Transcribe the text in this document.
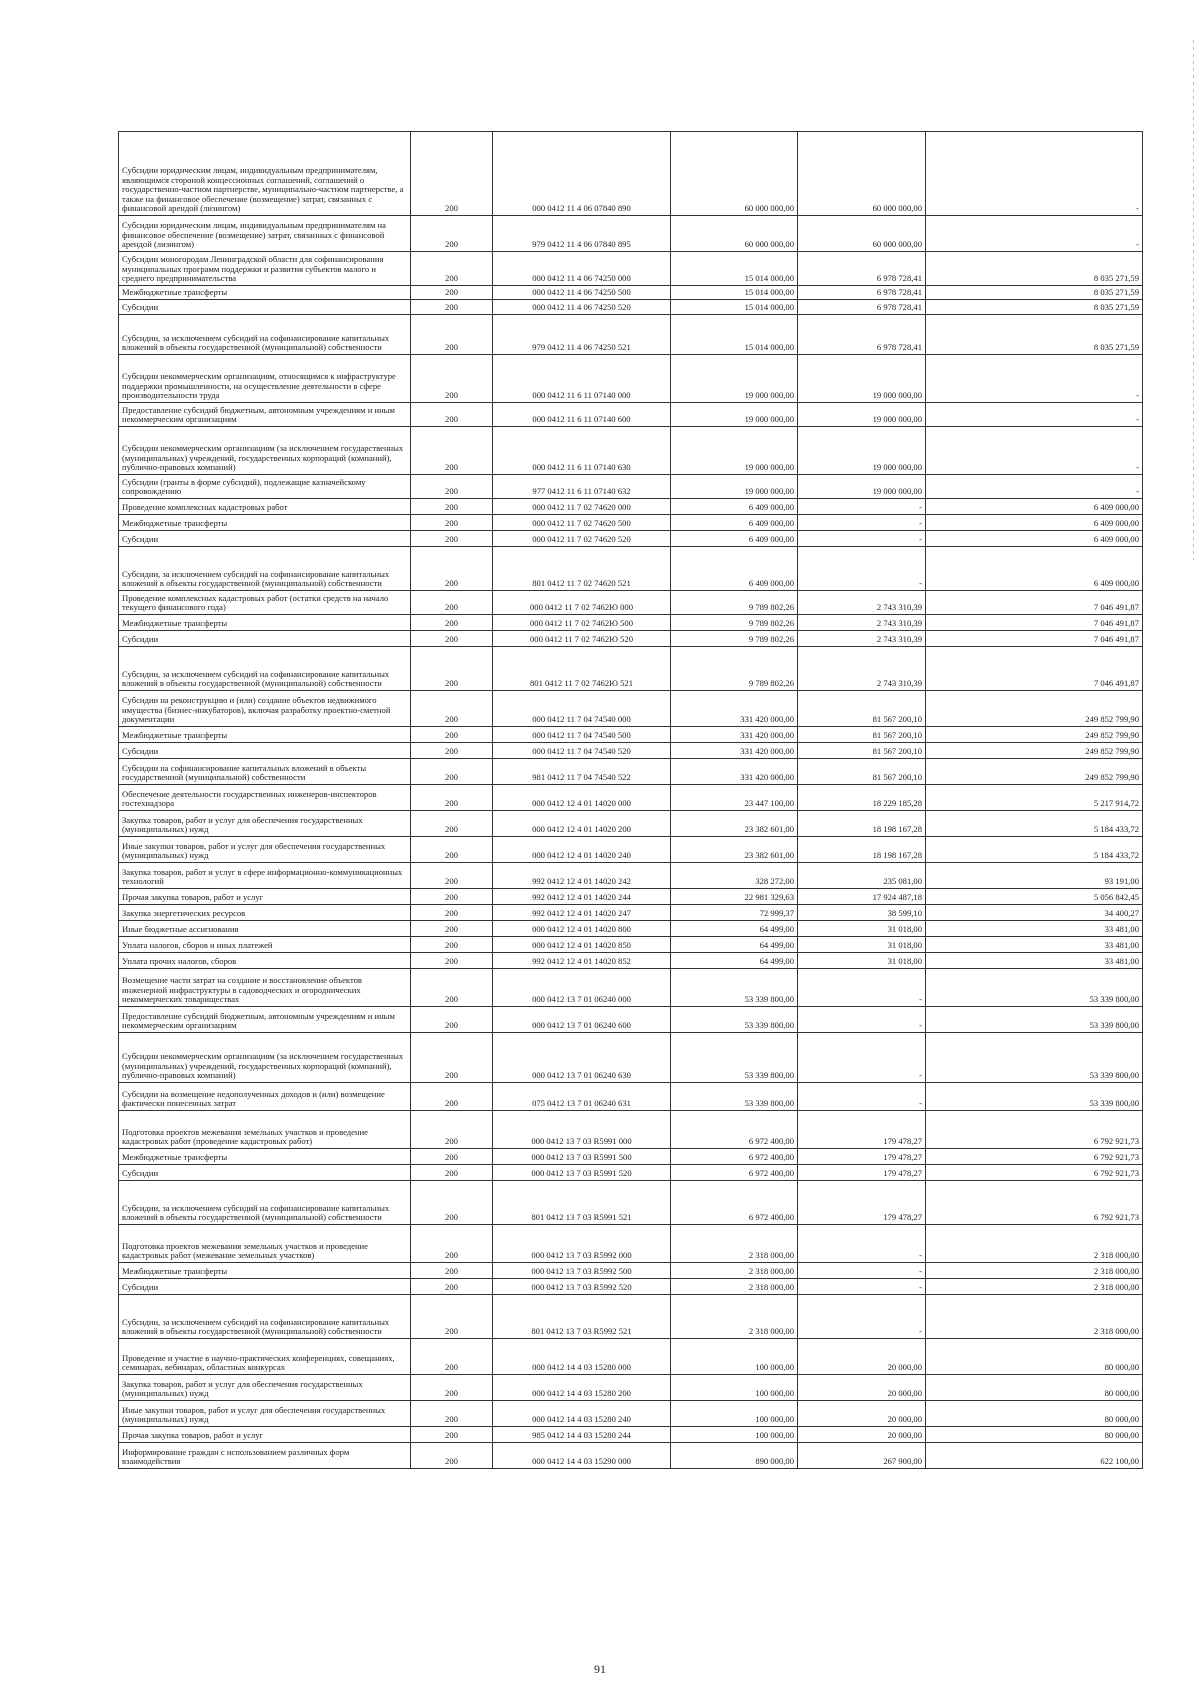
Субсидии юридическим лицам, индивидуальным предпринимателям, являющимся стороной концессионных соглашений, соглашений о государственно-частном партнерстве, муниципально-частном партнерстве, а также на финансовое обеспечение (возмещение) затрат, связанных с финансовой арендой (лизингом)	200	000 0412 11 4 06 07840 890	60 000 000,00	60 000 000,00	-
Субсидии юридическим лицам, индивидуальным предпринимателям на финансовое обеспечение (возмещение) затрат, связанных с финансовой арендой (лизингом)	200	979 0412 11 4 06 07840 895	60 000 000,00	60 000 000,00	-
Субсидии моногородам Ленинградской области для софинансирования муниципальных программ поддержки и развития субъектов малого и среднего предпринимательства	200	000 0412 11 4 06 74250 000	15 014 000,00	6 978 728,41	8 035 271,59
Межбюджетные трансферты	200	000 0412 11 4 06 74250 500	15 014 000,00	6 978 728,41	8 035 271,59
Субсидии	200	000 0412 11 4 06 74250 520	15 014 000,00	6 978 728,41	8 035 271,59
Субсидии, за исключением субсидий на софинансирование капитальных вложений в объекты государственной (муниципальной) собственности	200	979 0412 11 4 06 74250 521	15 014 000,00	6 978 728,41	8 035 271,59
Субсидии некоммерческим организациям, относящимся к инфраструктуре поддержки промышленности, на осуществление деятельности в сфере производительности труда	200	000 0412 11 6 11 07140 000	19 000 000,00	19 000 000,00	-
Предоставление субсидий бюджетным, автономным учреждениям и иным некоммерческим организациям	200	000 0412 11 6 11 07140 600	19 000 000,00	19 000 000,00	-
Субсидии некоммерческим организациям (за исключением государственных (муниципальных) учреждений, государственных корпораций (компаний), публично-правовых компаний)	200	000 0412 11 6 11 07140 630	19 000 000,00	19 000 000,00	-
Субсидии (гранты в форме субсидий), подлежащие казначейскому сопровождению	200	977 0412 11 6 11 07140 632	19 000 000,00	19 000 000,00	-
Проведение комплексных кадастровых работ	200	000 0412 11 7 02 74620 000	6 409 000,00	-	6 409 000,00
Межбюджетные трансферты	200	000 0412 11 7 02 74620 500	6 409 000,00	-	6 409 000,00
Субсидии	200	000 0412 11 7 02 74620 520	6 409 000,00	-	6 409 000,00
Субсидии, за исключением субсидий на софинансирование капитальных вложений в объекты государственной (муниципальной) собственности	200	801 0412 11 7 02 74620 521	6 409 000,00	-	6 409 000,00
Проведение комплексных кадастровых работ (остатки средств на начало текущего финансового года)	200	000 0412 11 7 02 7462Ю 000	9 789 802,26	2 743 310,39	7 046 491,87
Межбюджетные трансферты	200	000 0412 11 7 02 7462Ю 500	9 789 802,26	2 743 310,39	7 046 491,87
Субсидии	200	000 0412 11 7 02 7462Ю 520	9 789 802,26	2 743 310,39	7 046 491,87
Субсидии, за исключением субсидий на софинансирование капитальных вложений в объекты государственной (муниципальной) собственности	200	801 0412 11 7 02 7462Ю 521	9 789 802,26	2 743 310,39	7 046 491,87
Субсидии на реконструкцию и (или) создание объектов недвижимого имущества (бизнес-инкубаторов), включая разработку проектно-сметной документации	200	000 0412 11 7 04 74540 000	331 420 000,00	81 567 200,10	249 852 799,90
Межбюджетные трансферты	200	000 0412 11 7 04 74540 500	331 420 000,00	81 567 200,10	249 852 799,90
Субсидии	200	000 0412 11 7 04 74540 520	331 420 000,00	81 567 200,10	249 852 799,90
Субсидии на софинансирование капитальных вложений в объекты государственной (муниципальной) собственности	200	981 0412 11 7 04 74540 522	331 420 000,00	81 567 200,10	249 852 799,90
Обеспечение деятельности государственных инженеров-инспекторов гостехнадзора	200	000 0412 12 4 01 14020 000	23 447 100,00	18 229 185,28	5 217 914,72
Закупка товаров, работ и услуг для обеспечения государственных (муниципальных) нужд	200	000 0412 12 4 01 14020 200	23 382 601,00	18 198 167,28	5 184 433,72
Иные закупки товаров, работ и услуг для обеспечения государственных (муниципальных) нужд	200	000 0412 12 4 01 14020 240	23 382 601,00	18 198 167,28	5 184 433,72
Закупка товаров, работ и услуг в сфере информационно-коммуникационных технологий	200	992 0412 12 4 01 14020 242	328 272,00	235 081,00	93 191,00
Прочая закупка товаров, работ и услуг	200	992 0412 12 4 01 14020 244	22 981 329,63	17 924 487,18	5 056 842,45
Закупка энергетических ресурсов	200	992 0412 12 4 01 14020 247	72 999,37	38 599,10	34 400,27
Иные бюджетные ассигнования	200	000 0412 12 4 01 14020 800	64 499,00	31 018,00	33 481,00
Уплата налогов, сборов и иных платежей	200	000 0412 12 4 01 14020 850	64 499,00	31 018,00	33 481,00
Уплата прочих налогов, сборов	200	992 0412 12 4 01 14020 852	64 499,00	31 018,00	33 481,00
Возмещение части затрат на создание и восстановление объектов инженерной инфраструктуры в садоводческих и огороднических некоммерческих товариществах	200	000 0412 13 7 01 06240 000	53 339 800,00	-	53 339 800,00
Предоставление субсидий бюджетным, автономным учреждениям и иным некоммерческим организациям	200	000 0412 13 7 01 06240 600	53 339 800,00	-	53 339 800,00
Субсидии некоммерческим организациям (за исключением государственных (муниципальных) учреждений, государственных корпораций (компаний), публично-правовых компаний)	200	000 0412 13 7 01 06240 630	53 339 800,00	-	53 339 800,00
Субсидии на возмещение недополученных доходов и (или) возмещение фактически понесенных затрат	200	075 0412 13 7 01 06240 631	53 339 800,00	-	53 339 800,00
Подготовка проектов межевания земельных участков и проведение кадастровых работ (проведение кадастровых работ)	200	000 0412 13 7 03 R5991 000	6 972 400,00	179 478,27	6 792 921,73
Межбюджетные трансферты	200	000 0412 13 7 03 R5991 500	6 972 400,00	179 478,27	6 792 921,73
Субсидии	200	000 0412 13 7 03 R5991 520	6 972 400,00	179 478,27	6 792 921,73
Субсидии, за исключением субсидий на софинансирование капитальных вложений в объекты государственной (муниципальной) собственности	200	801 0412 13 7 03 R5991 521	6 972 400,00	179 478,27	6 792 921,73
Подготовка проектов межевания земельных участков и проведение кадастровых работ (межевание земельных участков)	200	000 0412 13 7 03 R5992 000	2 318 000,00	-	2 318 000,00
Межбюджетные трансферты	200	000 0412 13 7 03 R5992 500	2 318 000,00	-	2 318 000,00
Субсидии	200	000 0412 13 7 03 R5992 520	2 318 000,00	-	2 318 000,00
Субсидии, за исключением субсидий на софинансирование капитальных вложений в объекты государственной (муниципальной) собственности	200	801 0412 13 7 03 R5992 521	2 318 000,00	-	2 318 000,00
Проведение и участие в научно-практических конференциях, совещаниях, семинарах, вебинарах, областных конкурсах	200	000 0412 14 4 03 15280 000	100 000,00	20 000,00	80 000,00
Закупка товаров, работ и услуг для обеспечения государственных (муниципальных) нужд	200	000 0412 14 4 03 15280 200	100 000,00	20 000,00	80 000,00
Иные закупки товаров, работ и услуг для обеспечения государственных (муниципальных) нужд	200	000 0412 14 4 03 15280 240	100 000,00	20 000,00	80 000,00
Прочая закупка товаров, работ и услуг	200	985 0412 14 4 03 15280 244	100 000,00	20 000,00	80 000,00
Информирование граждан с использованием различных форм взаимодействия	200	000 0412 14 4 03 15290 000	890 000,00	267 900,00	622 100,00
91
